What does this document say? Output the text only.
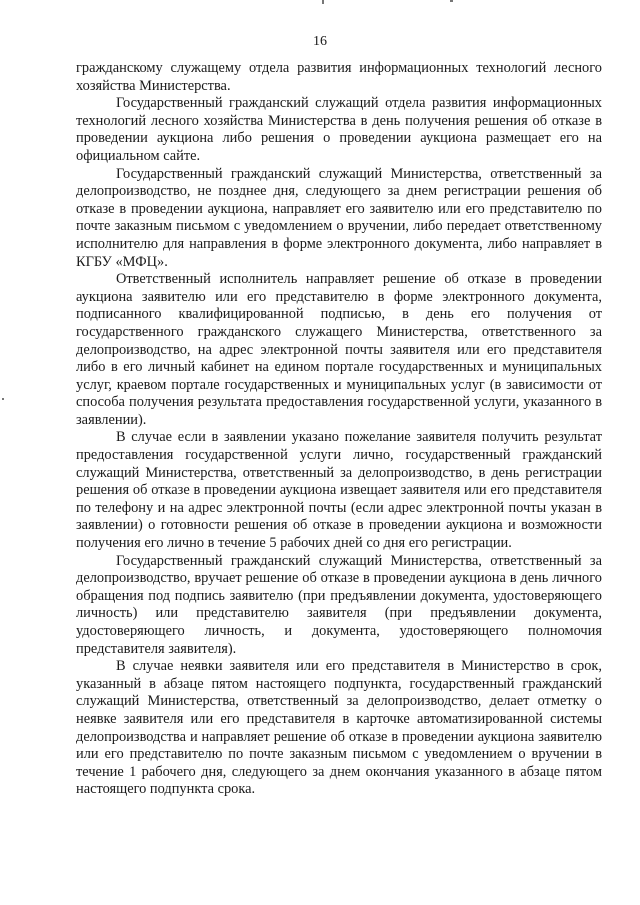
16

гражданскому служащему отдела развития информационных технологий лесного хозяйства Министерства.

Государственный гражданский служащий отдела развития информационных технологий лесного хозяйства Министерства в день получения решения об отказе в проведении аукциона либо решения о проведении аукциона размещает его на официальном сайте.

Государственный гражданский служащий Министерства, ответственный за делопроизводство, не позднее дня, следующего за днем регистрации решения об отказе в проведении аукциона, направляет его заявителю или его представителю по почте заказным письмом с уведомлением о вручении, либо передает ответственному исполнителю для направления в форме электронного документа, либо направляет в КГБУ «МФЦ».

Ответственный исполнитель направляет решение об отказе в проведении аукциона заявителю или его представителю в форме электронного документа, подписанного квалифицированной подписью, в день его получения от государственного гражданского служащего Министерства, ответственного за делопроизводство, на адрес электронной почты заявителя или его представителя либо в его личный кабинет на едином портале государственных и муниципальных услуг, краевом портале государственных и муниципальных услуг (в зависимости от способа получения результата предоставления государственной услуги, указанного в заявлении).

В случае если в заявлении указано пожелание заявителя получить результат предоставления государственной услуги лично, государственный гражданский служащий Министерства, ответственный за делопроизводство, в день регистрации решения об отказе в проведении аукциона извещает заявителя или его представителя по телефону и на адрес электронной почты (если адрес электронной почты указан в заявлении) о готовности решения об отказе в проведении аукциона и возможности получения его лично в течение 5 рабочих дней со дня его регистрации.

Государственный гражданский служащий Министерства, ответственный за делопроизводство, вручает решение об отказе в проведении аукциона в день личного обращения под подпись заявителю (при предъявлении документа, удостоверяющего личность) или представителю заявителя (при предъявлении документа, удостоверяющего личность, и документа, удостоверяющего полномочия представителя заявителя).

В случае неявки заявителя или его представителя в Министерство в срок, указанный в абзаце пятом настоящего подпункта, государственный гражданский служащий Министерства, ответственный за делопроизводство, делает отметку о неявке заявителя или его представителя в карточке автоматизированной системы делопроизводства и направляет решение об отказе в проведении аукциона заявителю или его представителю по почте заказным письмом с уведомлением о вручении в течение 1 рабочего дня, следующего за днем окончания указанного в абзаце пятом настоящего подпункта срока.
